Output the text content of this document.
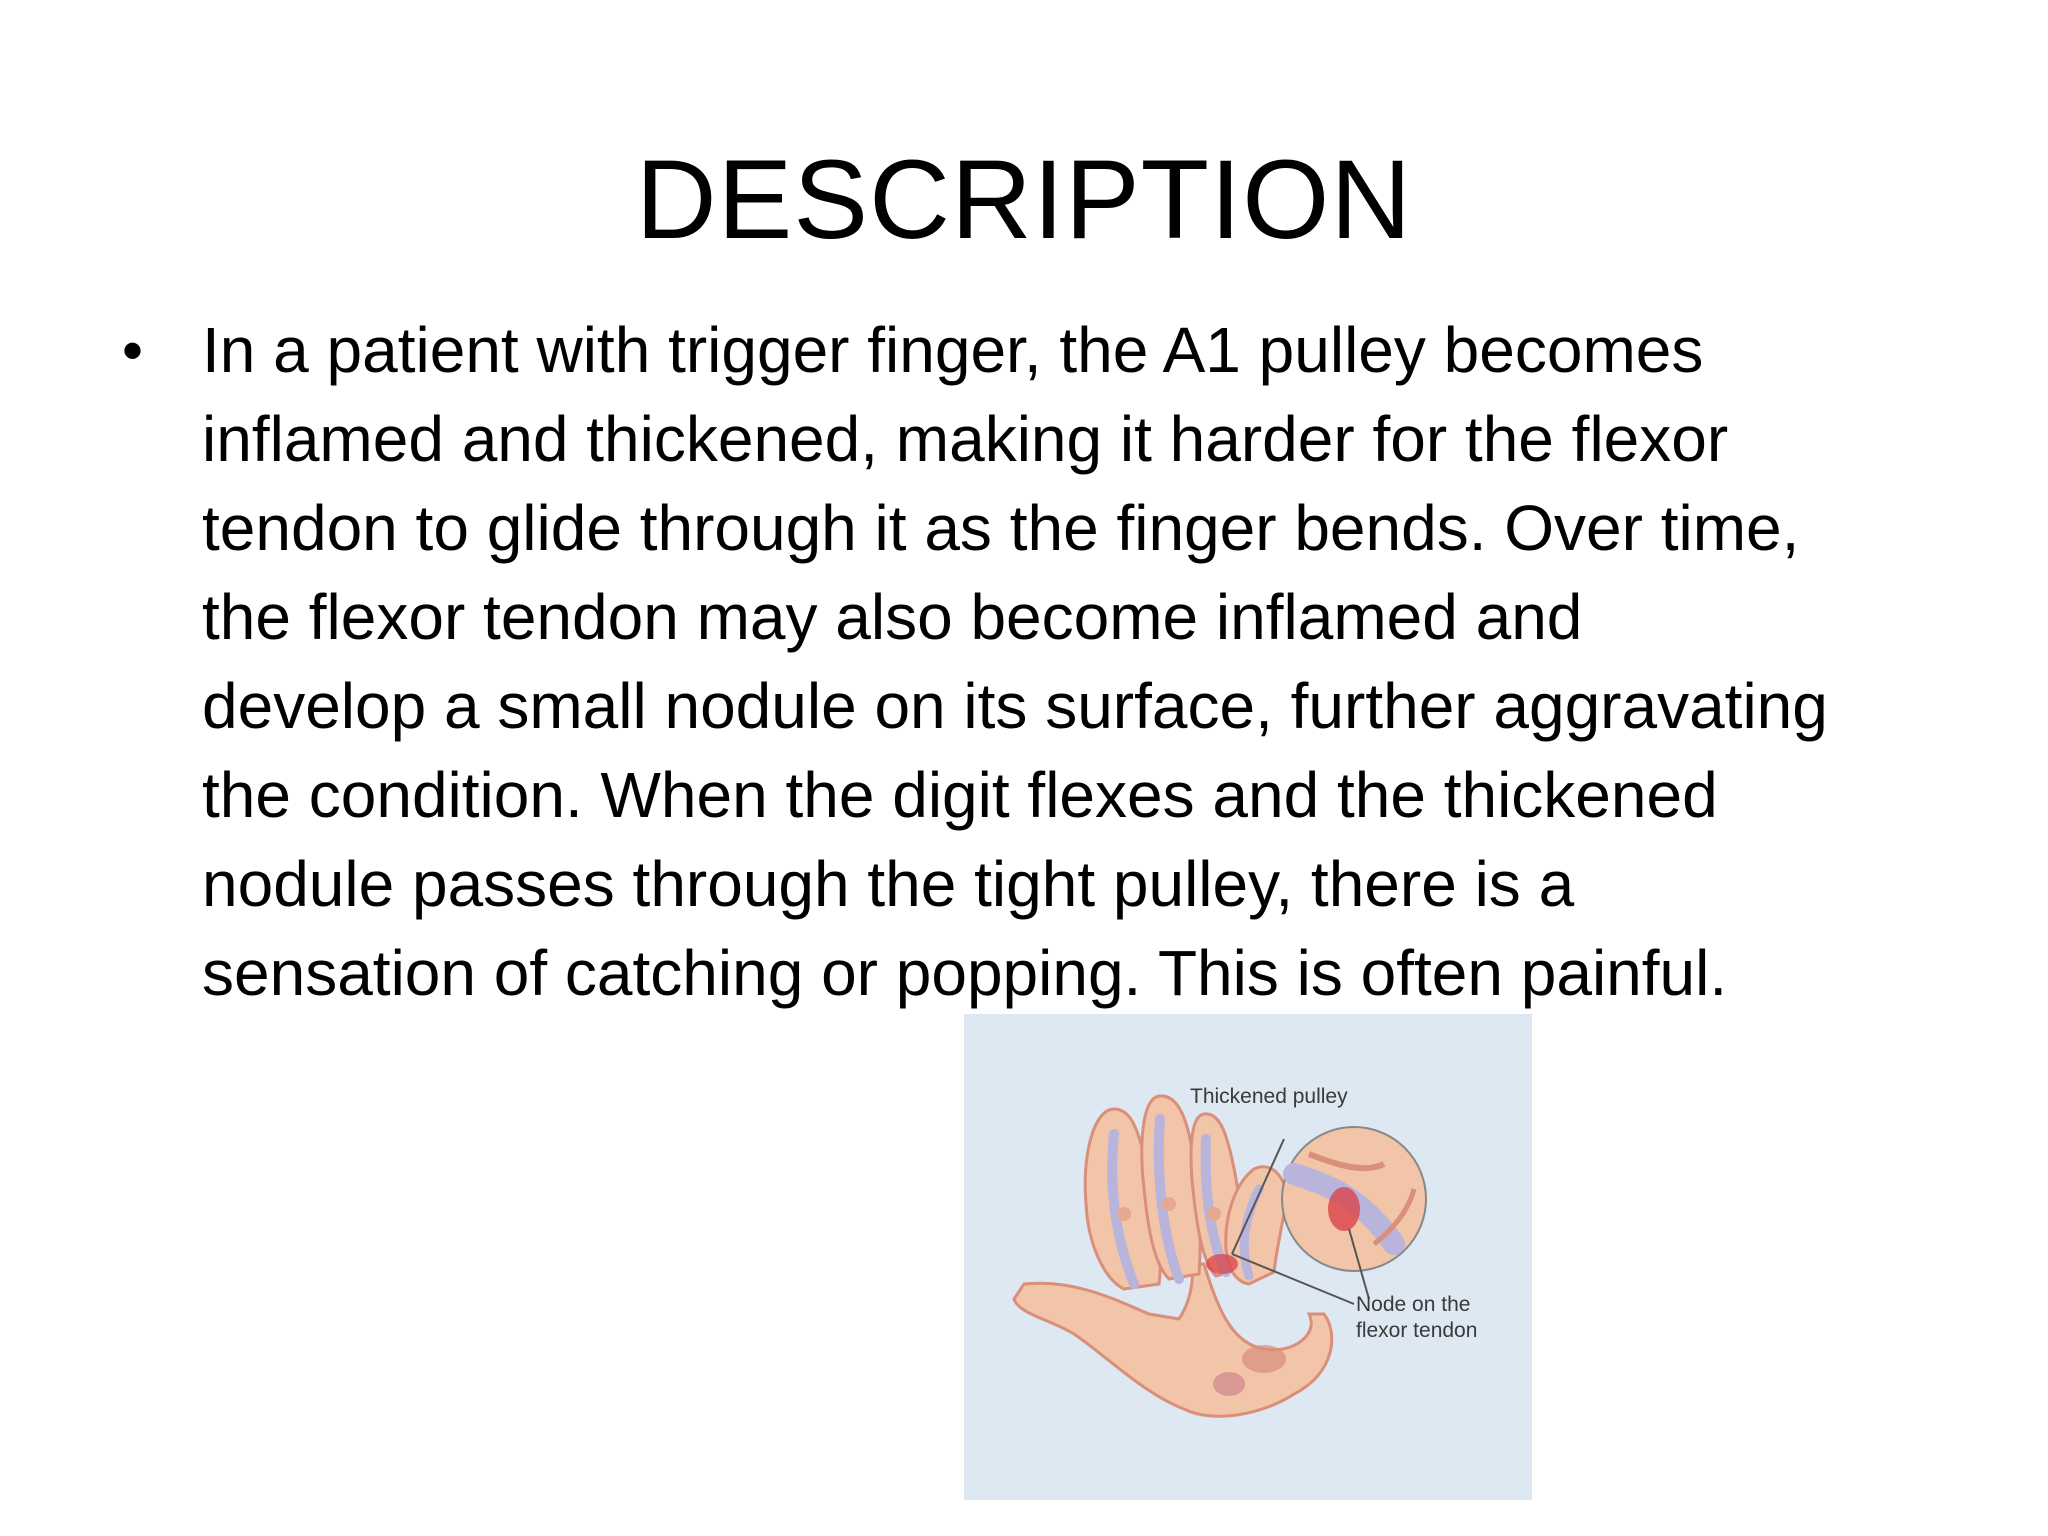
DESCRIPTION
• In a patient with trigger finger, the A1 pulley becomes
inflamed and thickened, making it harder for the flexor
tendon to glide through it as the finger bends. Over time,
the flexor tendon may also become inflamed and
develop a small nodule on its surface, further aggravating
the condition. When the digit flexes and the thickened
nodule passes through the tight pulley, there is a
sensation of catching or popping. This is often painful.
Thickened pulley
Node on the
flexor tendon
